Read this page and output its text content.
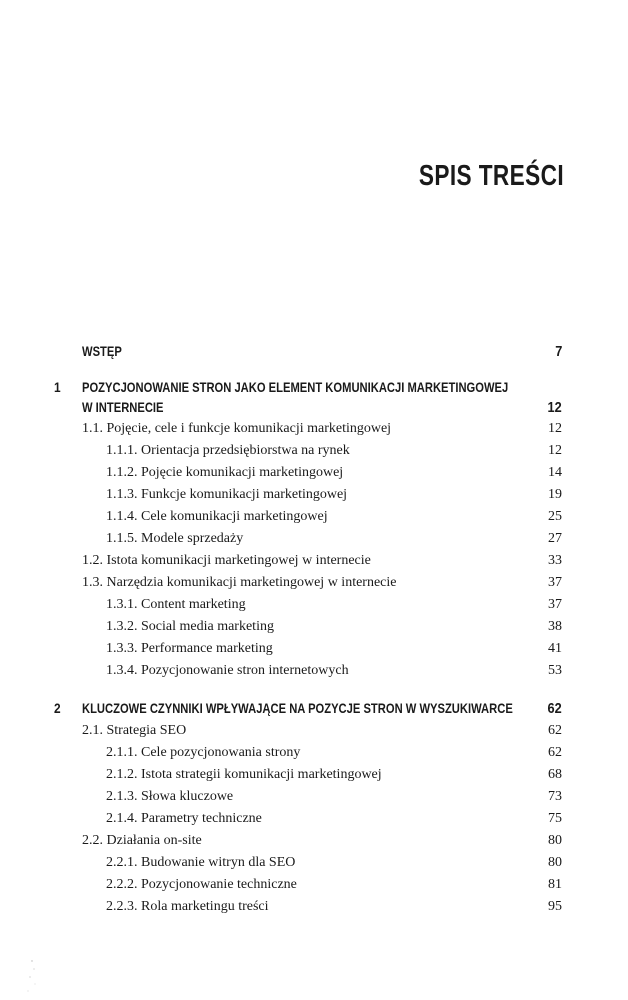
SPIS TREŚCI
WSTĘP	7
1 POZYCJONOWANIE STRON JAKO ELEMENT KOMUNIKACJI MARKETINGOWEJ
W INTERNECIE	12
1.1. Pojęcie, cele i funkcje komunikacji marketingowej	12
1.1.1. Orientacja przedsiębiorstwa na rynek	12
1.1.2. Pojęcie komunikacji marketingowej	14
1.1.3. Funkcje komunikacji marketingowej	19
1.1.4. Cele komunikacji marketingowej	25
1.1.5. Modele sprzedaży	27
1.2. Istota komunikacji marketingowej w internecie	33
1.3. Narzędzia komunikacji marketingowej w internecie	37
1.3.1. Content marketing	37
1.3.2. Social media marketing	38
1.3.3. Performance marketing	41
1.3.4. Pozycjonowanie stron internetowych	53
2 KLUCZOWE CZYNNIKI WPŁYWAJĄCE NA POZYCJE STRON W WYSZUKIWARCE 62
2.1. Strategia SEO	62
2.1.1. Cele pozycjonowania strony	62
2.1.2. Istota strategii komunikacji marketingowej	68
2.1.3. Słowa kluczowe	73
2.1.4. Parametry techniczne	75
2.2. Działania on-site	80
2.2.1. Budowanie witryn dla SEO	80
2.2.2. Pozycjonowanie techniczne	81
2.2.3. Rola marketingu treści	95
